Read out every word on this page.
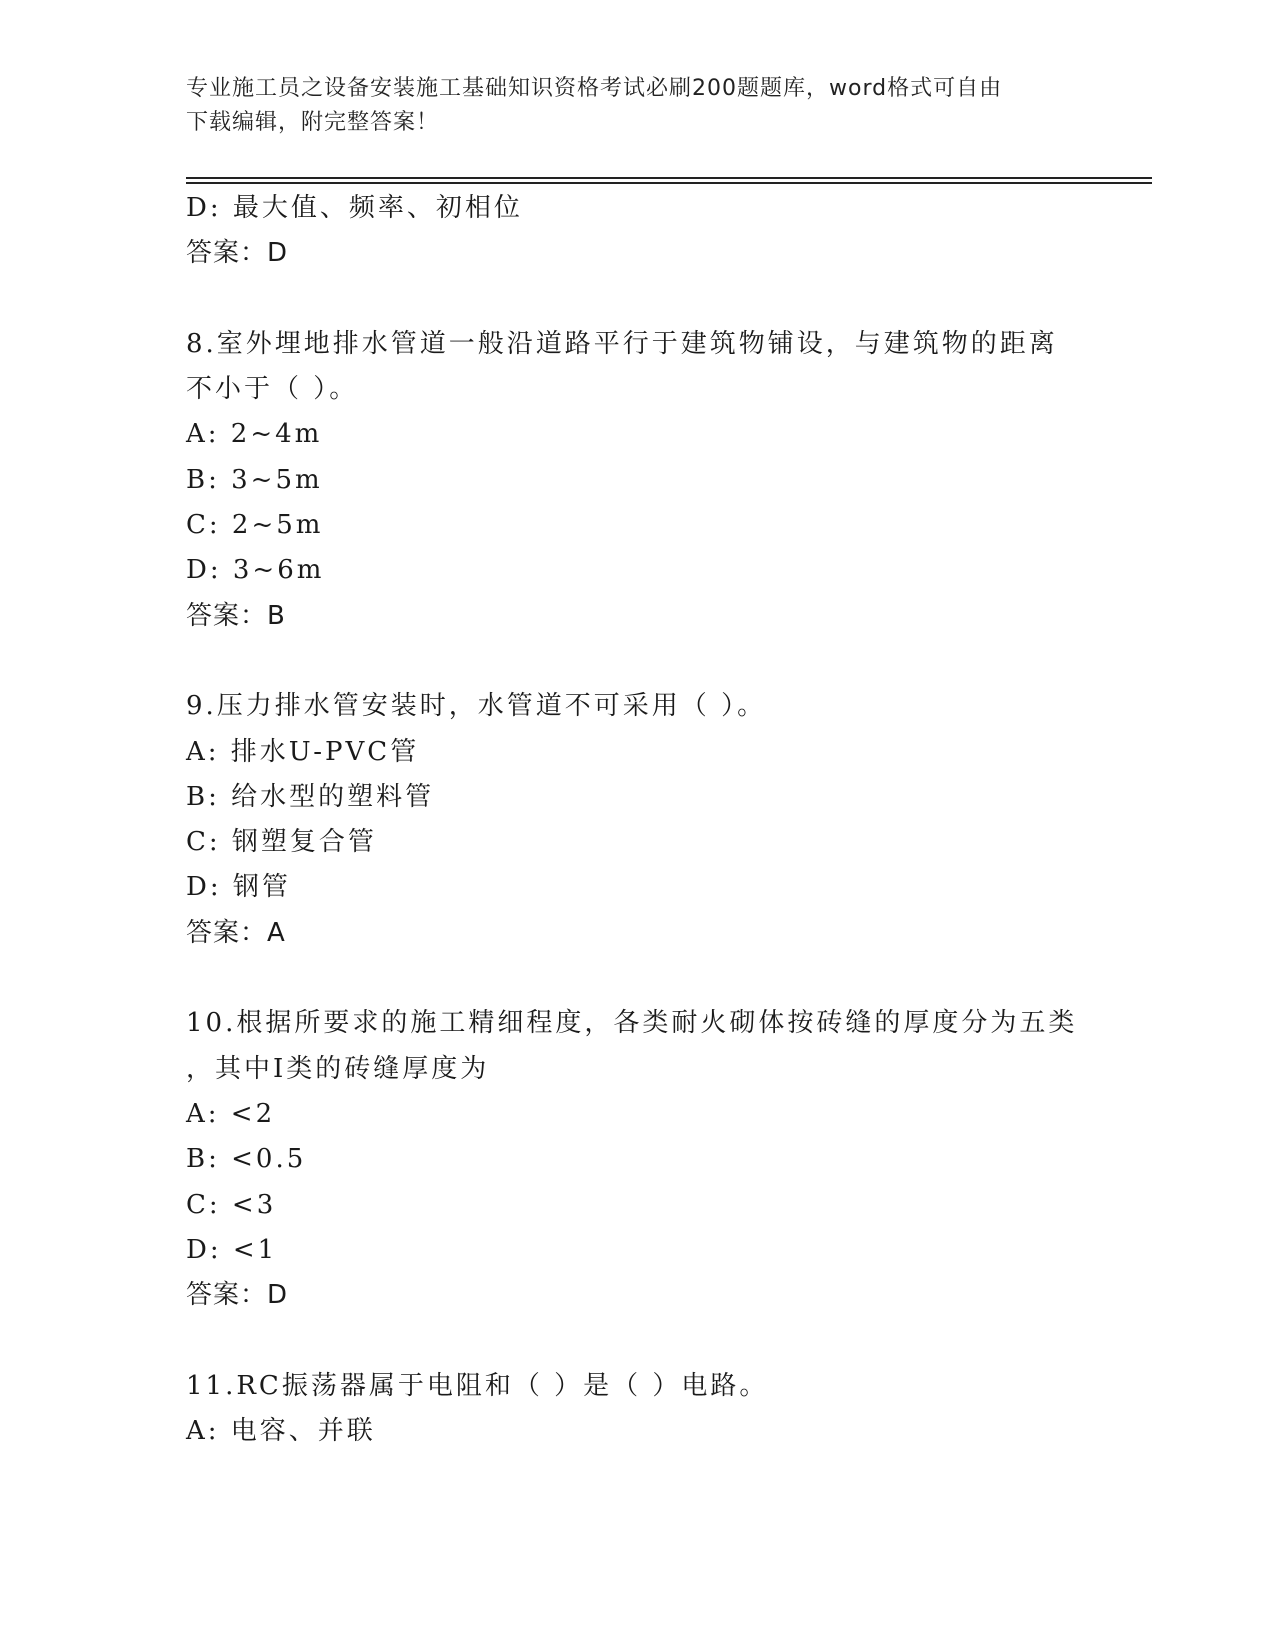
专业施工员之设备安装施工基础知识资格考试必刷200题题库，word格式可自由
下载编辑，附完整答案！
D: 最大值、频率、初相位
答案：D
8.室外埋地排水管道一般沿道路平行于建筑物铺设，与建筑物的距离
不小于（ ）。
A: 2~4m
B: 3~5m
C: 2~5m
D: 3~6m
答案：B
9.压力排水管安装时，水管道不可采用（ ）。
A: 排水U-PVC管
B: 给水型的塑料管
C: 钢塑复合管
D: 钢管
答案：A
10.根据所要求的施工精细程度，各类耐火砌体按砖缝的厚度分为五类
，其中I类的砖缝厚度为
A: <2
B: <0.5
C: <3
D: <1
答案：D
11.RC振荡器属于电阻和（ ）是（ ）电路。
A: 电容、并联
